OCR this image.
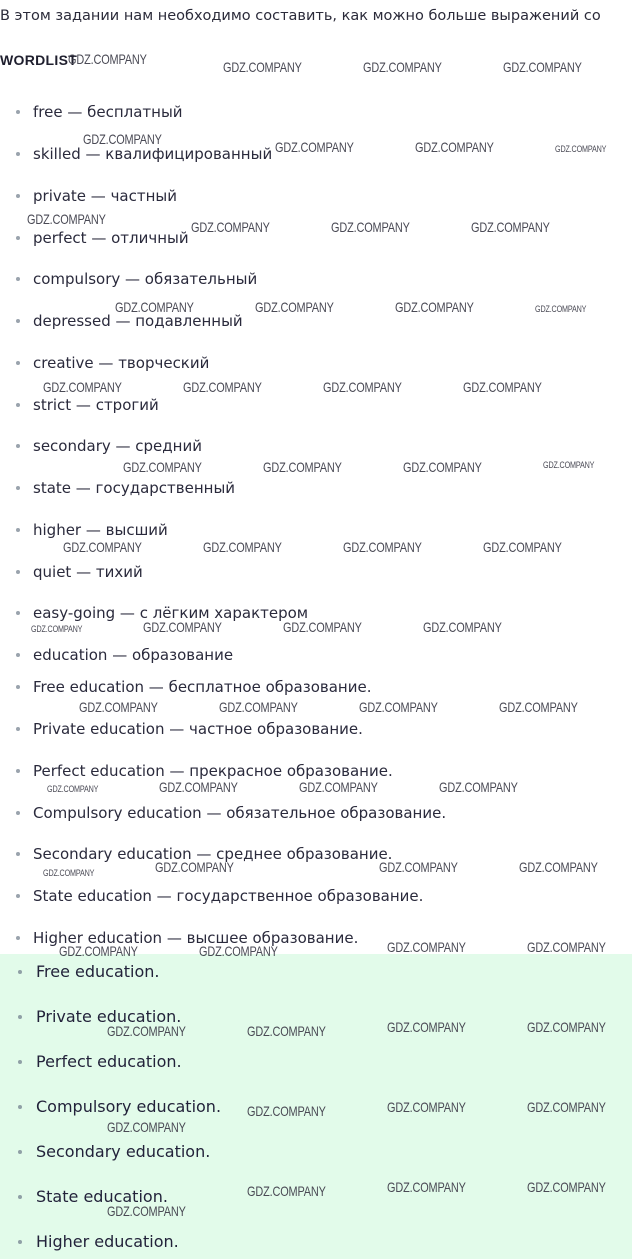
В этом задании нам необходимо составить, как можно больше выражений со
WORDLIST
free — бесплатный
skilled — квалифицированный
private — частный
perfect — отличный
compulsory — обязательный
depressed — подавленный
creative — творческий
strict — строгий
secondary — средний
state — государственный
higher — высший
quiet — тихий
easy-going — с лёгким характером
education — образование
Free education — бесплатное образование.
Private education — частное образование.
Perfect education — прекрасное образование.
Compulsory education — обязательное образование.
Secondary education — среднее образование.
State education — государственное образование.
Higher education — высшее образование.
Free education.
Private education.
Perfect education.
Compulsory education.
Secondary education.
State education.
Higher education.
GDZ.COMPANY	GDZ.COMPANY	GDZ.COMPANY	GDZ.COMPANY
GDZ.COMPANY	GDZ.COMPANY	GDZ.COMPANY	GDZ.COMPANY
GDZ.COMPANY	GDZ.COMPANY	GDZ.COMPANY	GDZ.COMPANY
GDZ.COMPANY	GDZ.COMPANY	GDZ.COMPANY	GDZ.COMPANY
GDZ.COMPANY	GDZ.COMPANY	GDZ.COMPANY	GDZ.COMPANY
GDZ.COMPANY	GDZ.COMPANY	GDZ.COMPANY	GDZ.COMPANY
GDZ.COMPANY	GDZ.COMPANY	GDZ.COMPANY	GDZ.COMPANY
GDZ.COMPANY	GDZ.COMPANY	GDZ.COMPANY	GDZ.COMPANY
GDZ.COMPANY	GDZ.COMPANY	GDZ.COMPANY	GDZ.COMPANY
GDZ.COMPANY	GDZ.COMPANY	GDZ.COMPANY	GDZ.COMPANY
GDZ.COMPANY	GDZ.COMPANY	GDZ.COMPANY	GDZ.COMPANY
GDZ.COMPANY	GDZ.COMPANY	GDZ.COMPANY	GDZ.COMPANY
GDZ.COMPANY	GDZ.COMPANY	GDZ.COMPANY	GDZ.COMPANY
GDZ.COMPANY	GDZ.COMPANY	GDZ.COMPANY
GDZ.COMPANY
GDZ.COMPANY	GDZ.COMPANY	GDZ.COMPANY
GDZ.COMPANY
